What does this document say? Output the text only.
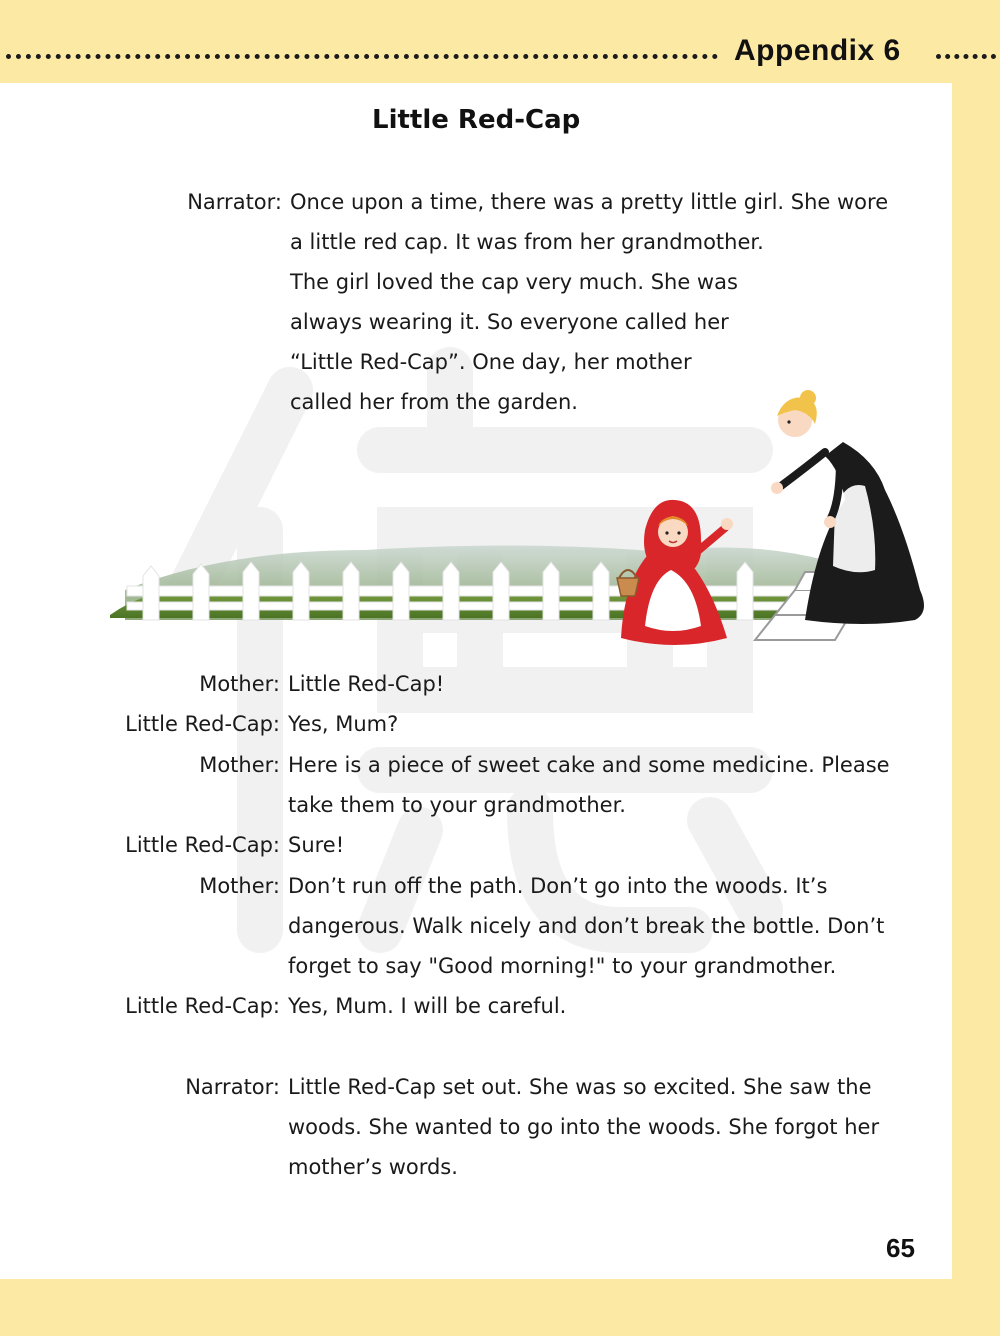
Appendix 6
Little Red-Cap
Narrator: Once upon a time, there was a pretty little girl. She wore
a little red cap. It was from her grandmother.
The girl loved the cap very much. She was
always wearing it. So everyone called her
“Little Red-Cap”. One day, her mother
called her from the garden.
Mother: Little Red-Cap!
Little Red-Cap: Yes, Mum?
Mother: Here is a piece of sweet cake and some medicine. Please
take them to your grandmother.
Little Red-Cap: Sure!
Mother: Don’t run off the path. Don’t go into the woods. It’s
dangerous. Walk nicely and don’t break the bottle. Don’t
forget to say "Good morning!" to your grandmother.
Little Red-Cap: Yes, Mum. I will be careful.
Narrator: Little Red-Cap set out. She was so excited. She saw the
woods. She wanted to go into the woods. She forgot her
mother’s words.
65
